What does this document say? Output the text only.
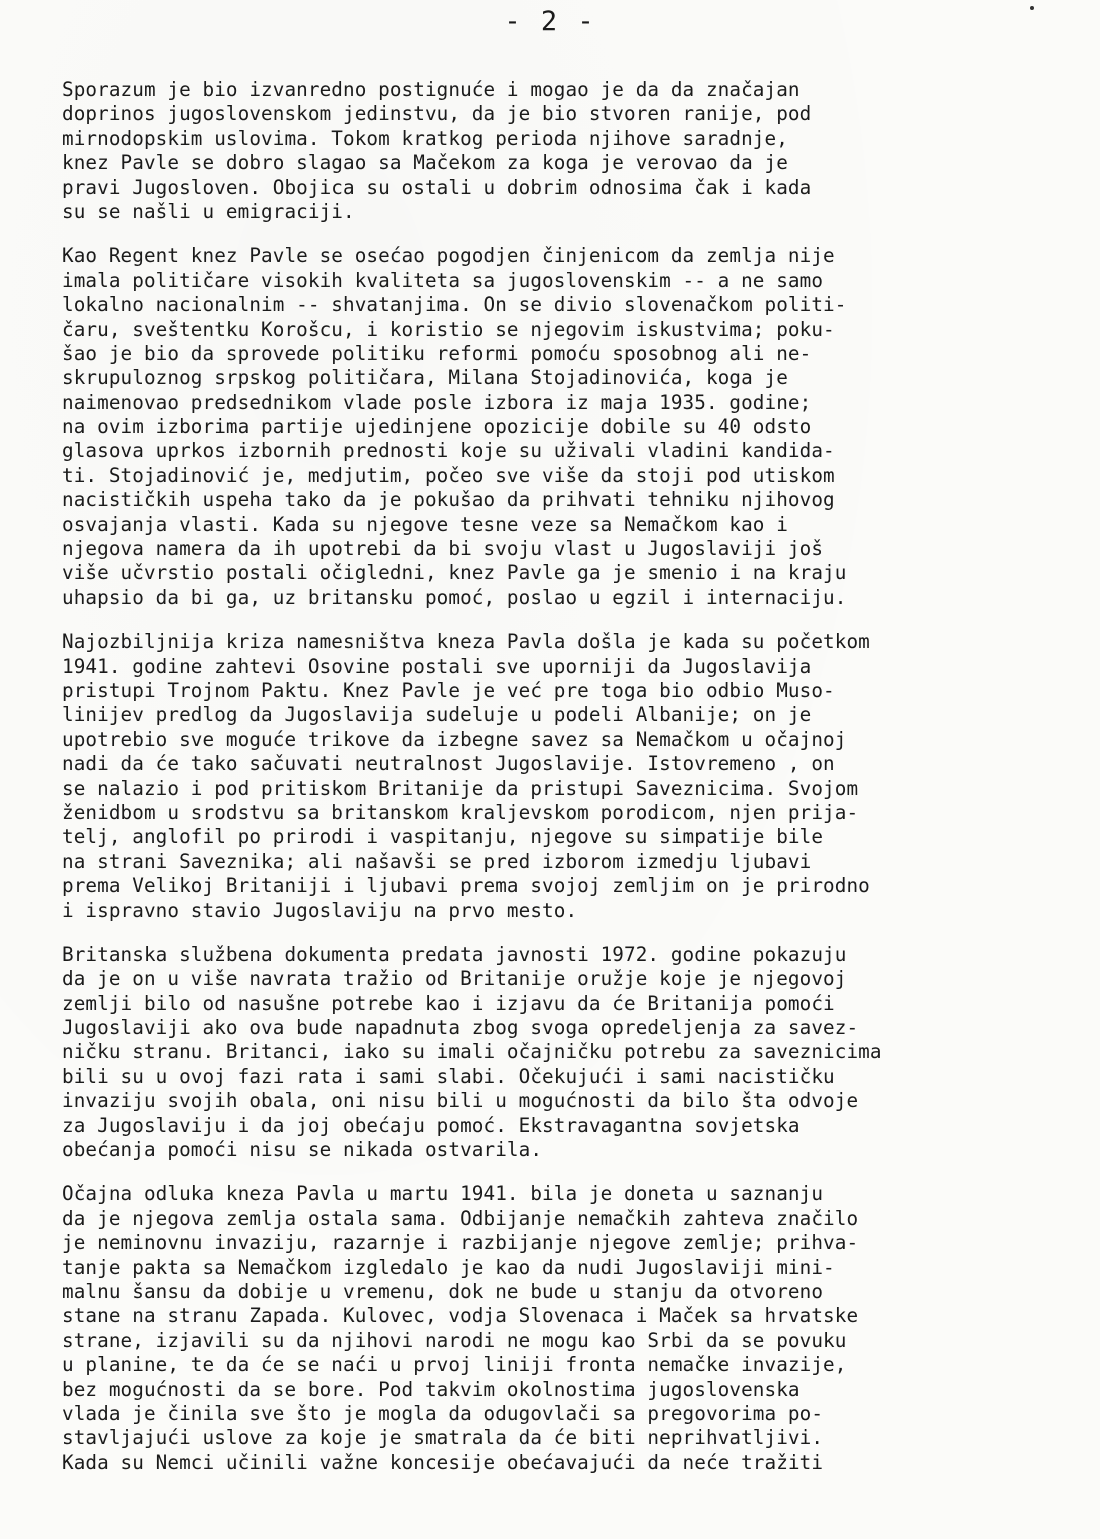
- 2 -
Sporazum je bio izvanredno postignuće i mogao je da da značajan
doprinos jugoslovenskom jedinstvu, da je bio stvoren ranije, pod
mirnodopskim uslovima. Tokom kratkog perioda njihove saradnje,
knez Pavle se dobro slagao sa Mačekom za koga je verovao da je
pravi Jugosloven. Obojica su ostali u dobrim odnosima čak i kada
su se našli u emigraciji.
Kao Regent knez Pavle se osećao pogodjen činjenicom da zemlja nije
imala političare visokih kvaliteta sa jugoslovenskim -- a ne samo
lokalno nacionalnim -- shvatanjima. On se divio slovenačkom politi-
čaru, sveštentku Korošcu, i koristio se njegovim iskustvima; poku-
šao je bio da sprovede politiku reformi pomoću sposobnog ali ne-
skrupuloznog srpskog političara, Milana Stojadinovića, koga je
naimenovao predsednikom vlade posle izbora iz maja 1935. godine;
na ovim izborima partije ujedinjene opozicije dobile su 40 odsto
glasova uprkos izbornih prednosti koje su uživali vladini kandida-
ti. Stojadinović je, medjutim, počeo sve više da stoji pod utiskom
nacističkih uspeha tako da je pokušao da prihvati tehniku njihovog
osvajanja vlasti. Kada su njegove tesne veze sa Nemačkom kao i
njegova namera da ih upotrebi da bi svoju vlast u Jugoslaviji još
više učvrstio postali očigledni, knez Pavle ga je smenio i na kraju
uhapsio da bi ga, uz britansku pomoć, poslao u egzil i internaciju.
Najozbiljnija kriza namesništva kneza Pavla došla je kada su početkom
1941. godine zahtevi Osovine postali sve uporniji da Jugoslavija
pristupi Trojnom Paktu. Knez Pavle je već pre toga bio odbio Muso-
linijev predlog da Jugoslavija sudeluje u podeli Albanije; on je
upotrebio sve moguće trikove da izbegne savez sa Nemačkom u očajnoj
nadi da će tako sačuvati neutralnost Jugoslavije. Istovremeno , on
se nalazio i pod pritiskom Britanije da pristupi Saveznicima. Svojom
ženidbom u srodstvu sa britanskom kraljevskom porodicom, njen prija-
telj, anglofil po prirodi i vaspitanju, njegove su simpatije bile
na strani Saveznika; ali našavši se pred izborom izmedju ljubavi
prema Velikoj Britaniji i ljubavi prema svojoj zemljim on je prirodno
i ispravno stavio Jugoslaviju na prvo mesto.
Britanska službena dokumenta predata javnosti 1972. godine pokazuju
da je on u više navrata tražio od Britanije oružje koje je njegovoj
zemlji bilo od nasušne potrebe kao i izjavu da će Britanija pomoći
Jugoslaviji ako ova bude napadnuta zbog svoga opredeljenja za savez-
ničku stranu. Britanci, iako su imali očajničku potrebu za saveznicima
bili su u ovoj fazi rata i sami slabi. Očekujući i sami nacističku
invaziju svojih obala, oni nisu bili u mogućnosti da bilo šta odvoje
za Jugoslaviju i da joj obećaju pomoć. Ekstravagantna sovjetska
obećanja pomoći nisu se nikada ostvarila.
Očajna odluka kneza Pavla u martu 1941. bila je doneta u saznanju
da je njegova zemlja ostala sama. Odbijanje nemačkih zahteva značilo
je neminovnu invaziju, razarnje i razbijanje njegove zemlje; prihva-
tanje pakta sa Nemačkom izgledalo je kao da nudi Jugoslaviji mini-
malnu šansu da dobije u vremenu, dok ne bude u stanju da otvoreno
stane na stranu Zapada. Kulovec, vodja Slovenaca i Maček sa hrvatske
strane, izjavili su da njihovi narodi ne mogu kao Srbi da se povuku
u planine, te da će se naći u prvoj liniji fronta nemačke invazije,
bez mogućnosti da se bore. Pod takvim okolnostima jugoslovenska
vlada je činila sve što je mogla da odugovlači sa pregovorima po-
stavljajući uslove za koje je smatrala da će biti neprihvatljivi.
Kada su Nemci učinili važne koncesije obećavajući da neće tražiti
